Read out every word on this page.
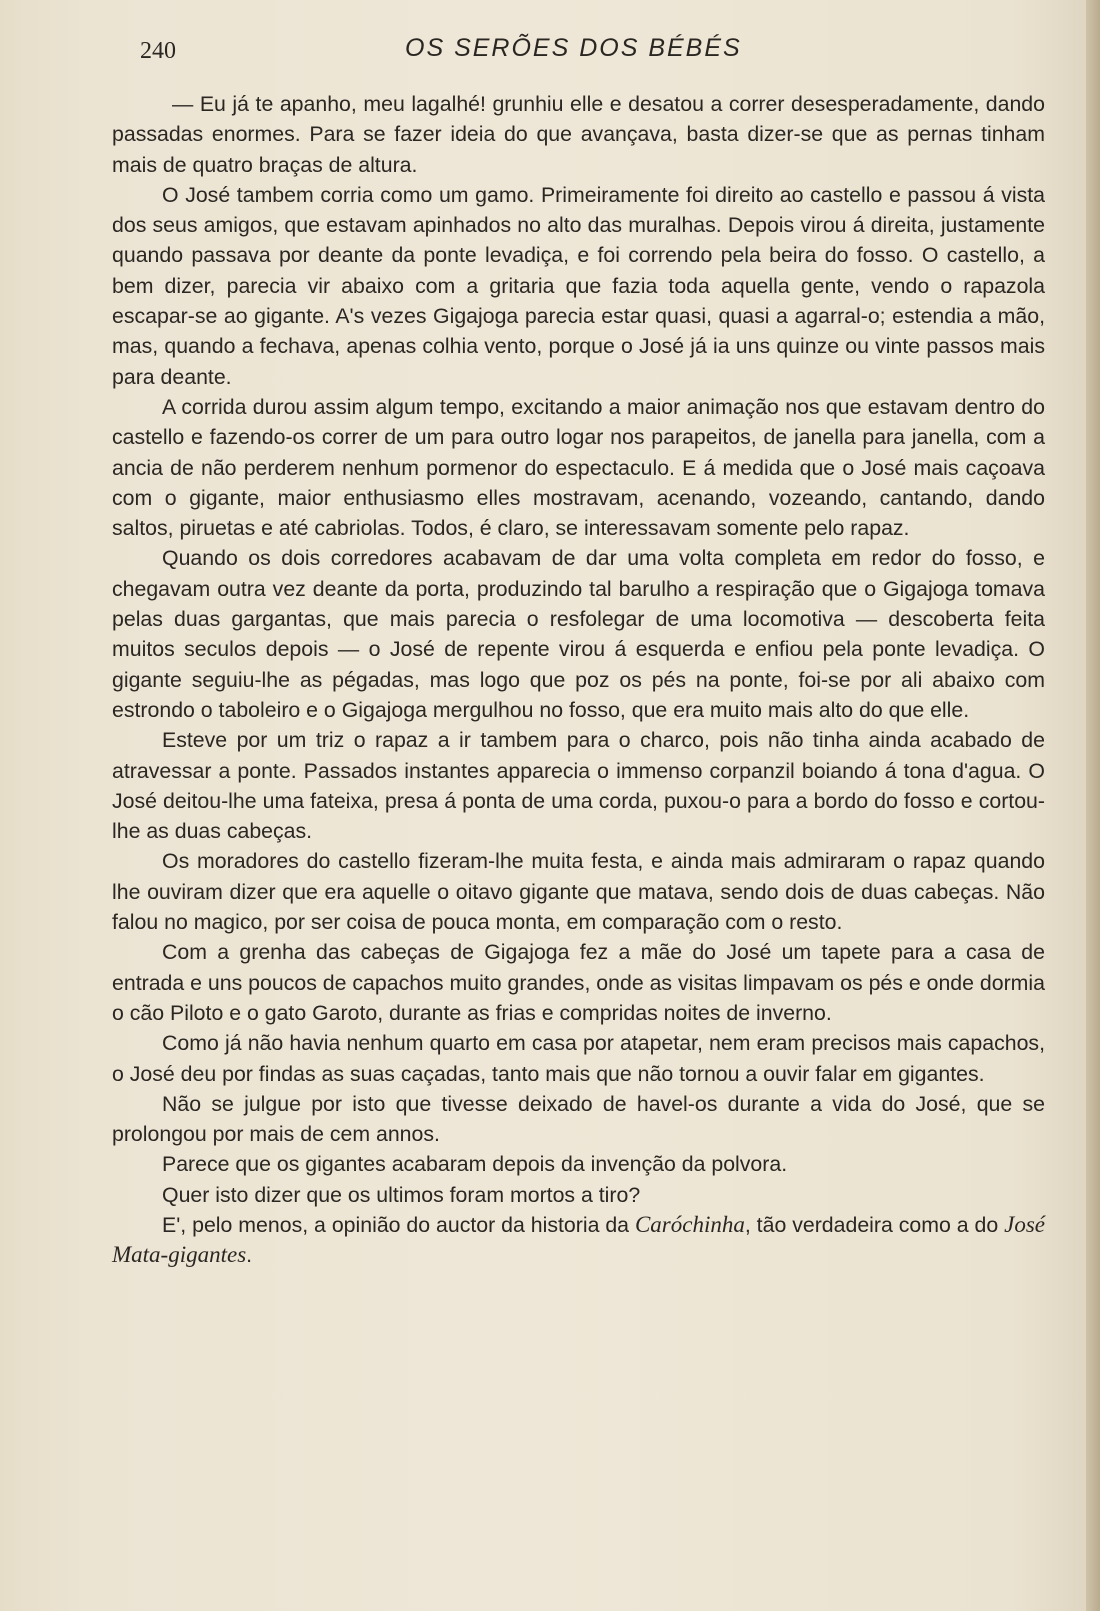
240	OS SERÕES DOS BÉBÉS

— Eu já te apanho, meu lagalhé! grunhiu elle e desatou a correr desesperadamente, dando passadas enormes. Para se fazer ideia do que avançava, basta dizer-se que as pernas tinham mais de quatro braças de altura.

O José tambem corria como um gamo. Primeiramente foi direito ao castello e passou á vista dos seus amigos, que estavam apinhados no alto das muralhas. Depois virou á direita, justamente quando passava por deante da ponte levadiça, e foi correndo pela beira do fosso. O castello, a bem dizer, parecia vir abaixo com a gritaria que fazia toda aquella gente, vendo o rapazola escapar-se ao gigante. A's vezes Gigajoga parecia estar quasi, quasi a agarral-o; estendia a mão, mas, quando a fechava, apenas colhia vento, porque o José já ia uns quinze ou vinte passos mais para deante.

A corrida durou assim algum tempo, excitando a maior animação nos que estavam dentro do castello e fazendo-os correr de um para outro logar nos parapeitos, de janella para janella, com a ancia de não perderem nenhum pormenor do espectaculo. E á medida que o José mais caçoava com o gigante, maior enthusiasmo elles mostravam, acenando, vozeando, cantando, dando saltos, piruetas e até cabriolas. Todos, é claro, se interessavam somente pelo rapaz.

Quando os dois corredores acabavam de dar uma volta completa em redor do fosso, e chegavam outra vez deante da porta, produzindo tal barulho a respiração que o Gigajoga tomava pelas duas gargantas, que mais parecia o resfolegar de uma locomotiva — descoberta feita muitos seculos depois — o José de repente virou á esquerda e enfiou pela ponte levadiça. O gigante seguiu-lhe as pégadas, mas logo que poz os pés na ponte, foi-se por ali abaixo com estrondo o taboleiro e o Gigajoga mergulhou no fosso, que era muito mais alto do que elle.

Esteve por um triz o rapaz a ir tambem para o charco, pois não tinha ainda acabado de atravessar a ponte. Passados instantes apparecia o immenso corpanzil boiando á tona d'agua. O José deitou-lhe uma fateixa, presa á ponta de uma corda, puxou-o para a bordo do fosso e cortou-lhe as duas cabeças.

Os moradores do castello fizeram-lhe muita festa, e ainda mais admiraram o rapaz quando lhe ouviram dizer que era aquelle o oitavo gigante que matava, sendo dois de duas cabeças. Não falou no magico, por ser coisa de pouca monta, em comparação com o resto.

Com a grenha das cabeças de Gigajoga fez a mãe do José um tapete para a casa de entrada e uns poucos de capachos muito grandes, onde as visitas limpavam os pés e onde dormia o cão Piloto e o gato Garoto, durante as frias e compridas noites de inverno.

Como já não havia nenhum quarto em casa por atapetar, nem eram precisos mais capachos, o José deu por findas as suas caçadas, tanto mais que não tornou a ouvir falar em gigantes.

Não se julgue por isto que tivesse deixado de havel-os durante a vida do José, que se prolongou por mais de cem annos.

Parece que os gigantes acabaram depois da invenção da polvora.

Quer isto dizer que os ultimos foram mortos a tiro?

E', pelo menos, a opinião do auctor da historia da Caróchinha, tão verdadeira como a do José Mata-gigantes.
